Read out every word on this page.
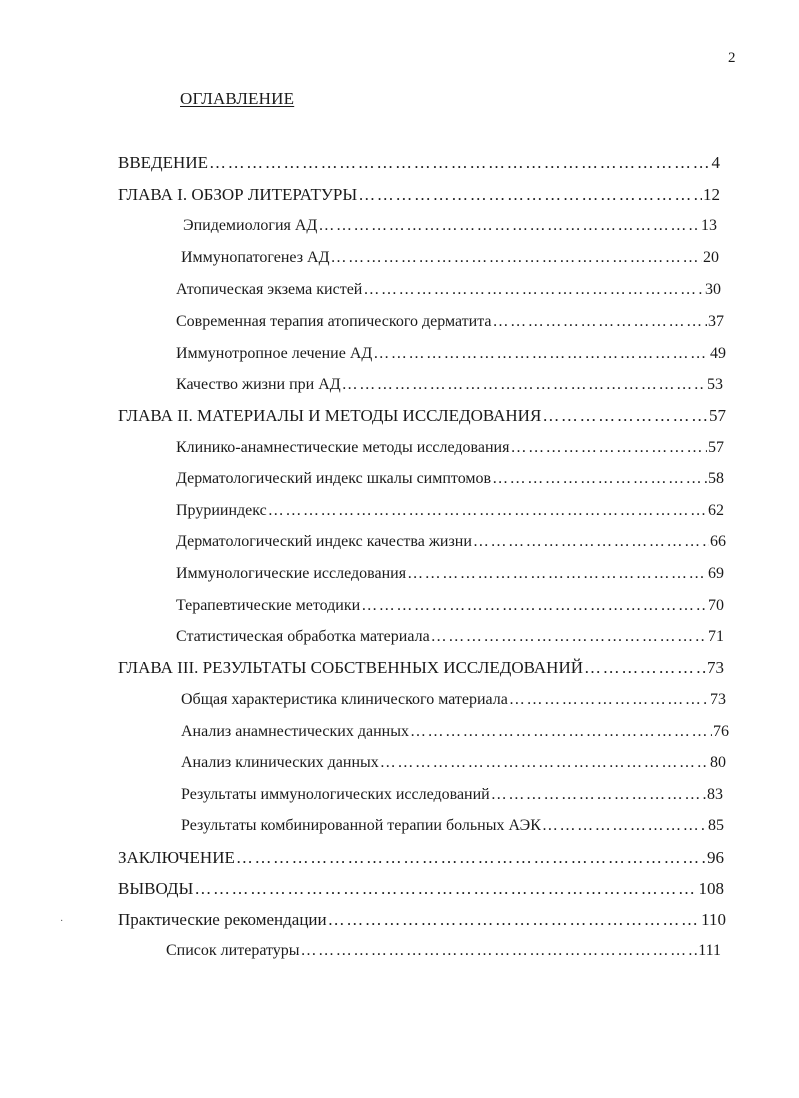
2
ОГЛАВЛЕНИЕ
ВВЕДЕНИЕ …………………………………………………………………………………………………………………………………………………………………………	4
ГЛАВА I. ОБЗОР ЛИТЕРАТУРЫ …………………………………………………………………………………………………………………………………………………………………………	12
Эпидемиология АД …………………………………………………………………………………………………………………………………………………………………………	13
Иммунопатогенез АД …………………………………………………………………………………………………………………………………………………………………………	20
Атопическая экзема кистей …………………………………………………………………………………………………………………………………………………………………………	30
Современная терапия атопического дерматита …………………………………………………………………………………………………………………………………………………………………………	37
Иммунотропное лечение АД …………………………………………………………………………………………………………………………………………………………………………	49
Качество жизни при АД …………………………………………………………………………………………………………………………………………………………………………	53
ГЛАВА II. МАТЕРИАЛЫ И МЕТОДЫ ИССЛЕДОВАНИЯ …………………………………………………………………………………………………………………………………………………………………………	57
Клинико-анамнестические методы исследования …………………………………………………………………………………………………………………………………………………………………………	57
Дерматологический индекс шкалы симптомов …………………………………………………………………………………………………………………………………………………………………………	58
Прурииндекс …………………………………………………………………………………………………………………………………………………………………………	62
Дерматологический индекс качества жизни …………………………………………………………………………………………………………………………………………………………………………	66
Иммунологические исследования …………………………………………………………………………………………………………………………………………………………………………	69
Терапевтические методики …………………………………………………………………………………………………………………………………………………………………………	70
Статистическая обработка материала …………………………………………………………………………………………………………………………………………………………………………	71
ГЛАВА III. РЕЗУЛЬТАТЫ СОБСТВЕННЫХ ИССЛЕДОВАНИЙ …………………………………………………………………………………………………………………………………………………………………………	73
Общая характеристика клинического материала …………………………………………………………………………………………………………………………………………………………………………	73
Анализ анамнестических данных …………………………………………………………………………………………………………………………………………………………………………	76
Анализ клинических данных …………………………………………………………………………………………………………………………………………………………………………	80
Результаты иммунологических исследований …………………………………………………………………………………………………………………………………………………………………………	83
Результаты комбинированной терапии больных АЭК …………………………………………………………………………………………………………………………………………………………………………	85
ЗАКЛЮЧЕНИЕ …………………………………………………………………………………………………………………………………………………………………………	96
ВЫВОДЫ …………………………………………………………………………………………………………………………………………………………………………	108
Практические рекомендации …………………………………………………………………………………………………………………………………………………………………………	110
Список литературы …………………………………………………………………………………………………………………………………………………………………………	111
·
